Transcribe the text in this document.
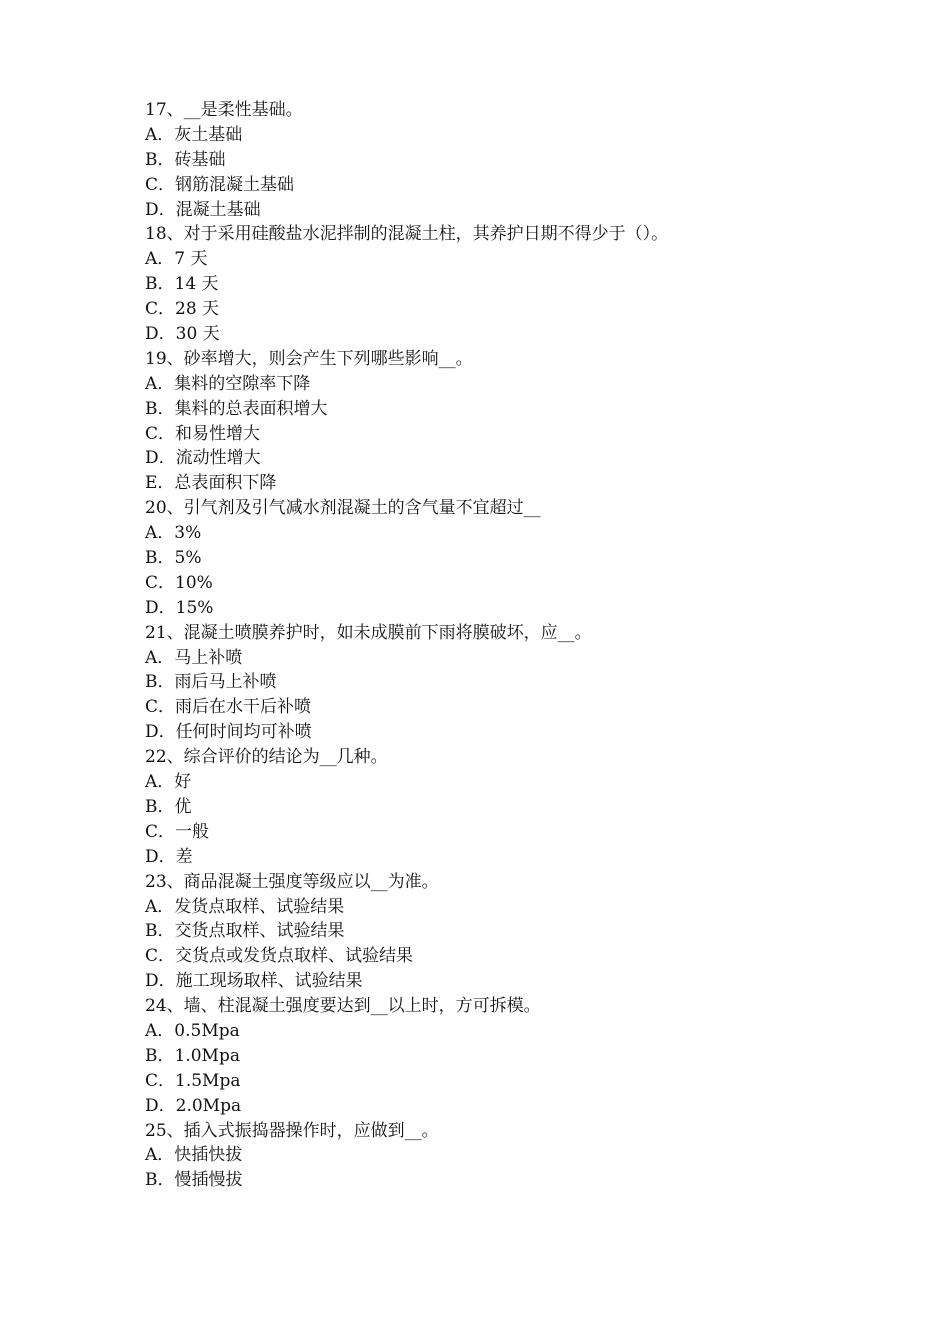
17、__是柔性基础。
A．灰土基础
B．砖基础
C．钢筋混凝土基础
D．混凝土基础
18、对于采用硅酸盐水泥拌制的混凝土柱，其养护日期不得少于（）。
A．7 天
B．14 天
C．28 天
D．30 天
19、砂率增大，则会产生下列哪些影响__。
A．集料的空隙率下降
B．集料的总表面积增大
C．和易性增大
D．流动性增大
E．总表面积下降
20、引气剂及引气减水剂混凝土的含气量不宜超过__
A．3%
B．5%
C．10%
D．15%
21、混凝土喷膜养护时，如未成膜前下雨将膜破坏，应__。
A．马上补喷
B．雨后马上补喷
C．雨后在水干后补喷
D．任何时间均可补喷
22、综合评价的结论为__几种。
A．好
B．优
C．一般
D．差
23、商品混凝土强度等级应以__为准。
A．发货点取样、试验结果
B．交货点取样、试验结果
C．交货点或发货点取样、试验结果
D．施工现场取样、试验结果
24、墙、柱混凝土强度要达到__以上时，方可拆模。
A．0.5Mpa
B．1.0Mpa
C．1.5Mpa
D．2.0Mpa
25、插入式振捣器操作时，应做到__。
A．快插快拔
B．慢插慢拔
